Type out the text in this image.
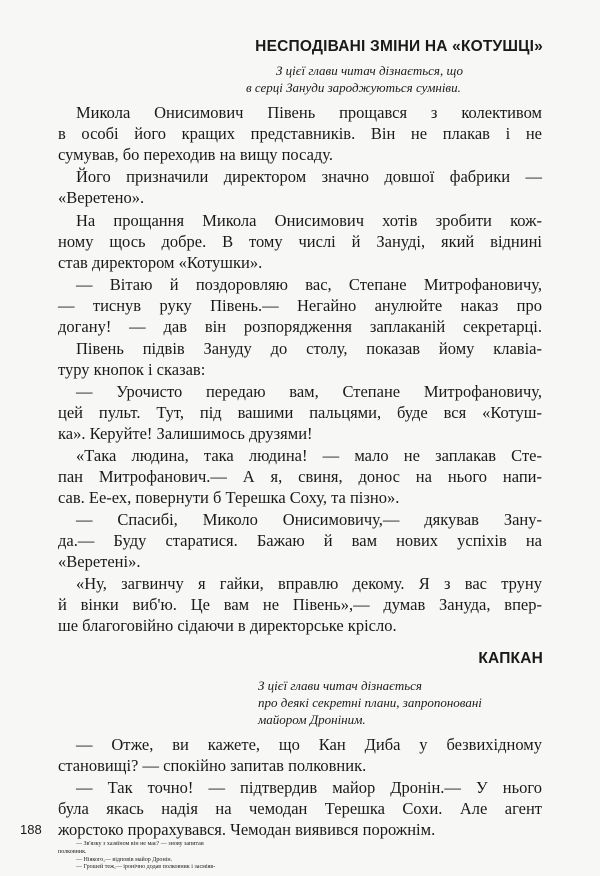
НЕСПОДІВАНІ ЗМІНИ НА «КОТУШЦІ»
З цієї глави читач дізнається, що
в серці Зануди зароджуються сумніви.

Микола Онисимович Півень прощався з колективом
в особі його кращих представників. Він не плакав і не
сумував, бо переходив на вищу посаду.

Його призначили директором значно довшої фабрики —
«Веретено».

На прощання Микола Онисимович хотів зробити кож-
ному щось добре. В тому числі й Зануді, який віднині
став директором «Котушки».

— Вітаю й поздоровляю вас, Степане Митрофановичу,
— тиснув руку Півень.— Негайно анулюйте наказ про
догану! — дав він розпорядження заплаканій секретарці.

Півень підвів Зануду до столу, показав йому клавіа-
туру кнопок і сказав:

— Урочисто передаю вам, Степане Митрофановичу,
цей пульт. Тут, під вашими пальцями, буде вся «Котуш-
ка». Керуйте! Залишимось друзями!

«Така людина, така людина! — мало не заплакав Сте-
пан Митрофанович.— А я, свиня, донос на нього напи-
сав. Ее-ех, повернути б Терешка Соху, та пізно».

— Спасибі, Миколо Онисимовичу,— дякував Зану-
да.— Буду старатися. Бажаю й вам нових успіхів на
«Веретені».

«Ну, загвинчу я гайки, вправлю декому. Я з вас труну
й вінки виб'ю. Це вам не Півень»,— думав Зануда, впер-
ше благоговійно сідаючи в директорське крісло.

КАПКАН
З цієї глави читач дізнається
про деякі секретні плани, запропоновані
майором Дроніним.

— Отже, ви кажете, що Кан Диба у безвихідному
становищі? — спокійно запитав полковник.

— Так точно! — підтвердив майор Дронін.— У нього
була якась надія на чемодан Терешка Сохи. Але агент
жорстоко прорахувався. Чемодан виявився порожнім.

— Зв'язку з хазяїном він не має? — знову запитав
полковник.

— Ніякого,— відповів майор Дронін.

— Грошей теж,— іронічно додав полковник і засміяв-

188
